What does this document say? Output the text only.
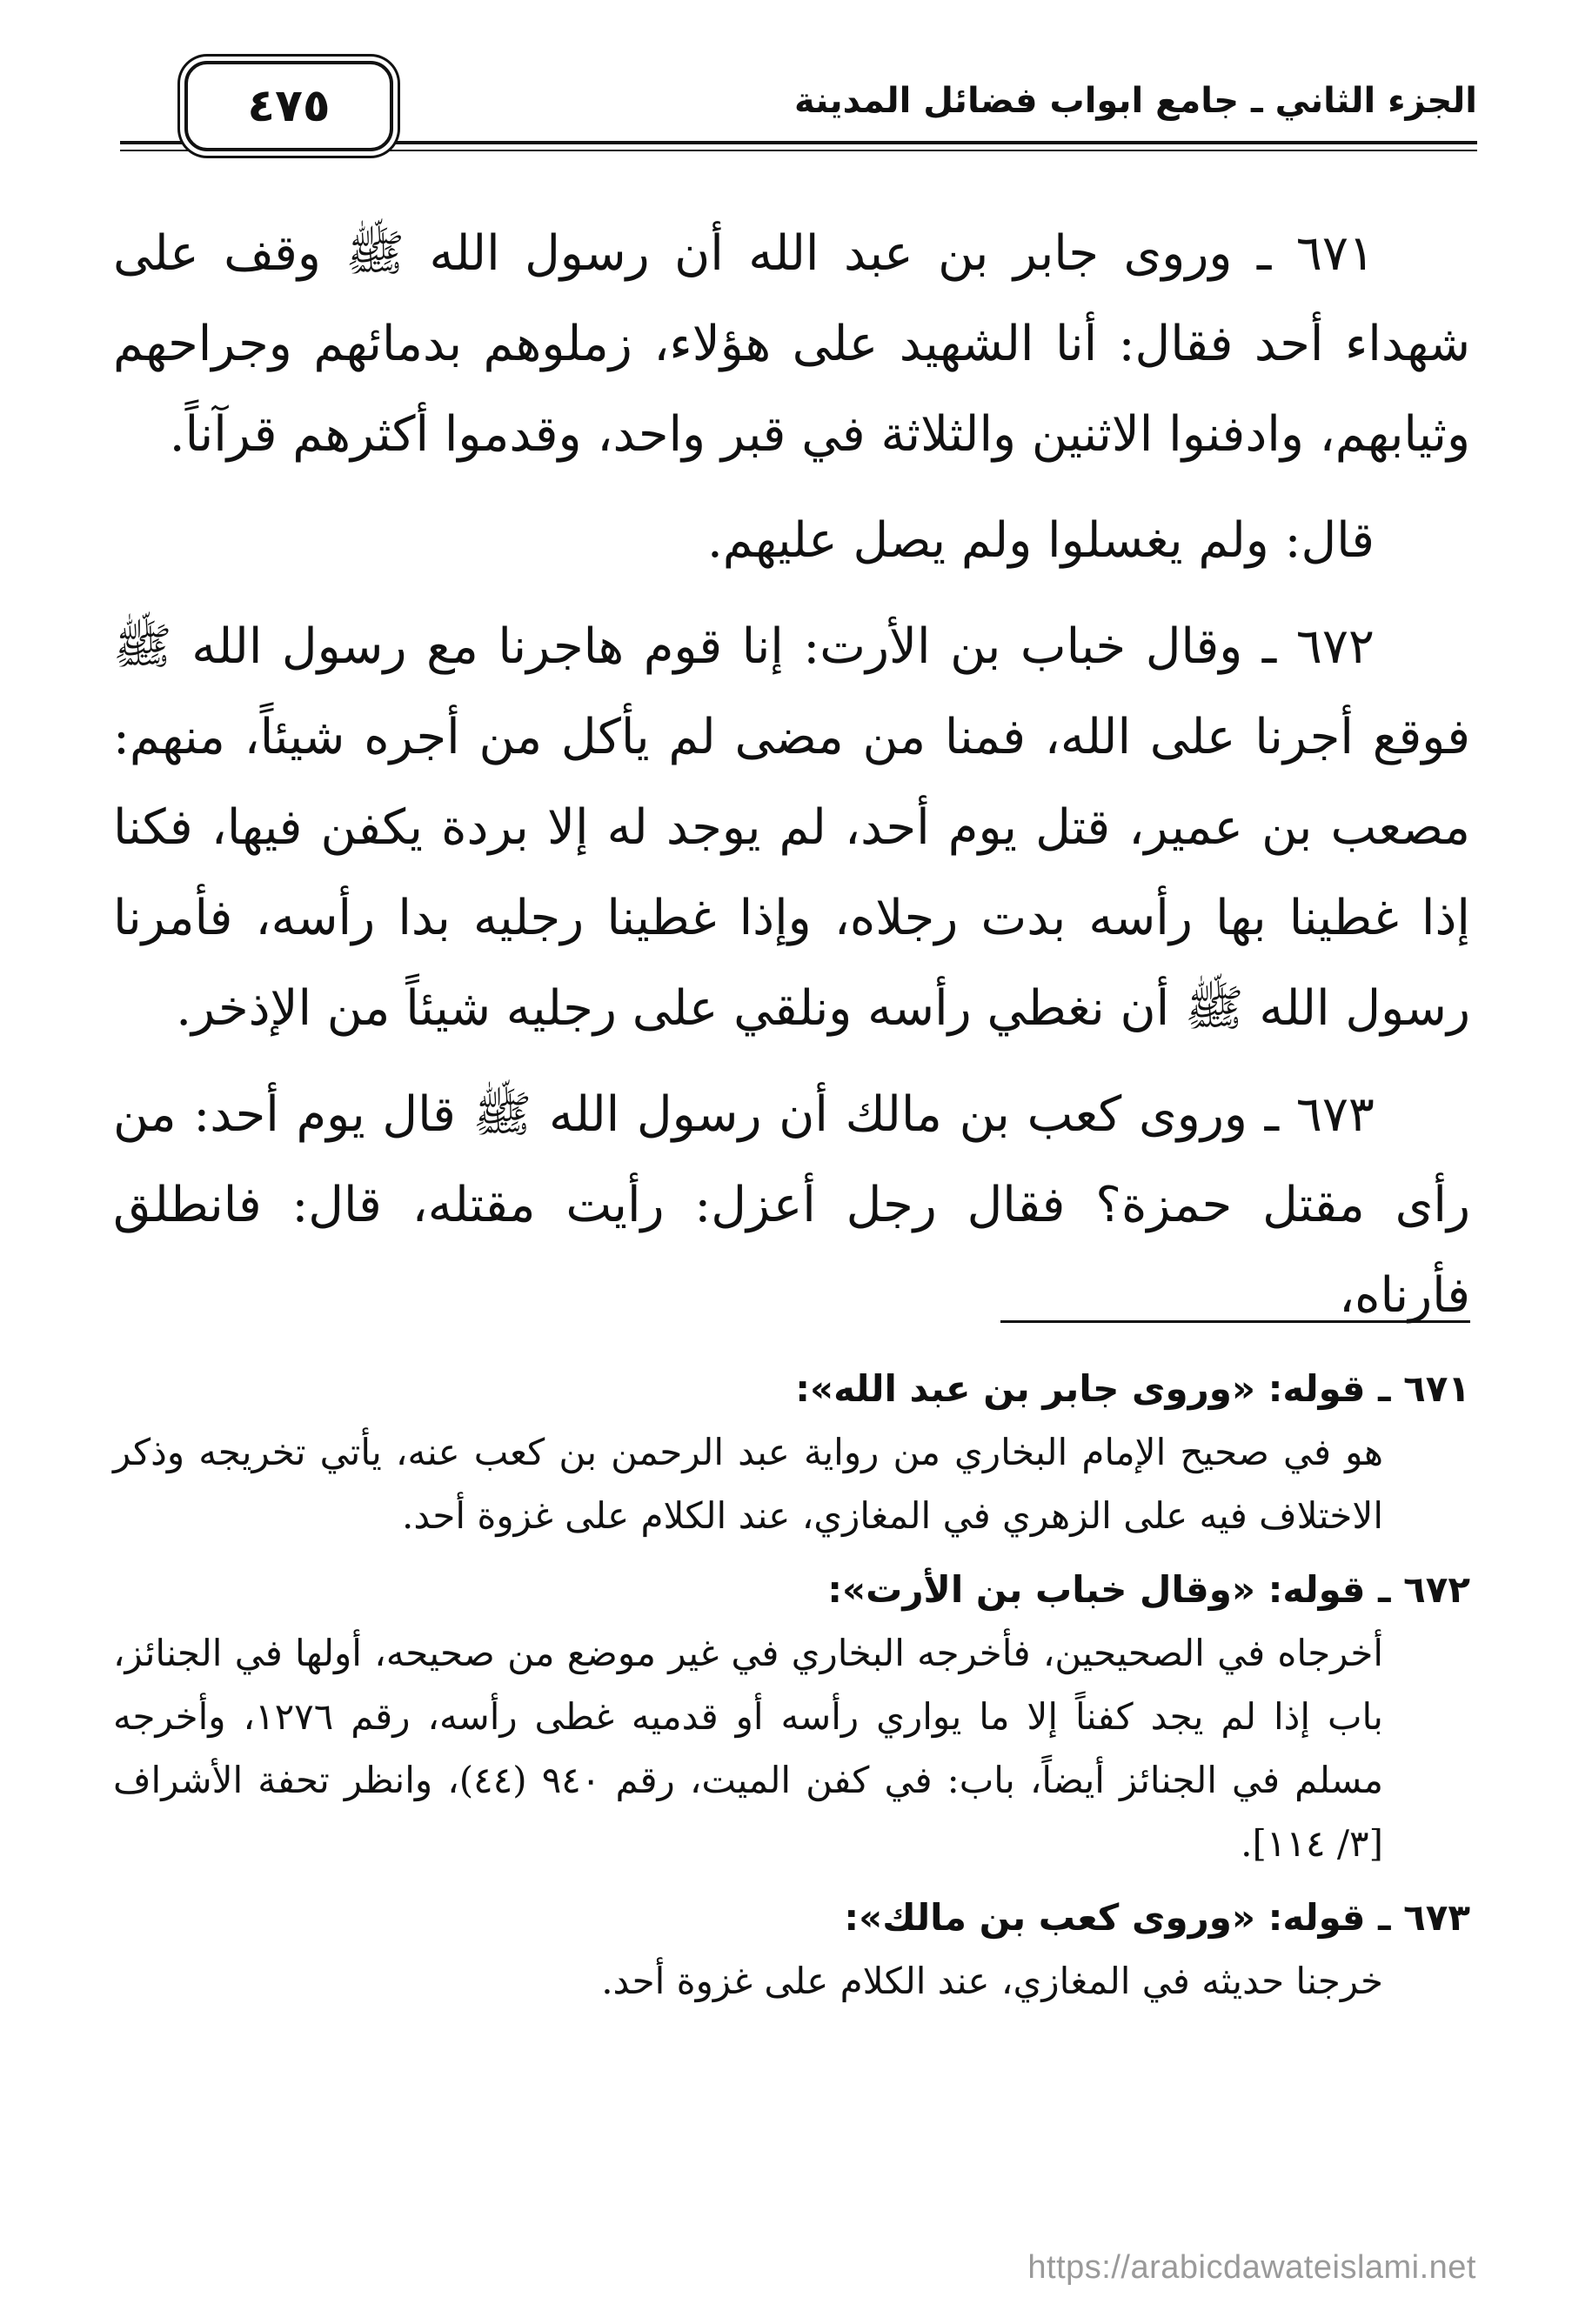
الجزء الثاني ـ جامع ابواب فضائل المدينة
٤٧٥

٦٧١ ـ وروى جابر بن عبد الله أن رسول الله ﷺ وقف على شهداء أحد فقال: أنا الشهيد على هؤلاء، زملوهم بدمائهم وجراحهم وثيابهم، وادفنوا الاثنين والثلاثة في قبر واحد، وقدموا أكثرهم قرآناً.

قال: ولم يغسلوا ولم يصل عليهم.

٦٧٢ ـ وقال خباب بن الأرت: إنا قوم هاجرنا مع رسول الله ﷺ فوقع أجرنا على الله، فمنا من مضى لم يأكل من أجره شيئاً، منهم: مصعب بن عمير، قتل يوم أحد، لم يوجد له إلا بردة يكفن فيها، فكنا إذا غطينا بها رأسه بدت رجلاه، وإذا غطينا رجليه بدا رأسه، فأمرنا رسول الله ﷺ أن نغطي رأسه ونلقي على رجليه شيئاً من الإذخر.

٦٧٣ ـ وروى كعب بن مالك أن رسول الله ﷺ قال يوم أحد: من رأى مقتل حمزة؟ فقال رجل أعزل: رأيت مقتله، قال: فانطلق فأرناه،

٦٧١ ـ قوله: «وروى جابر بن عبد الله»:
هو في صحيح الإمام البخاري من رواية عبد الرحمن بن كعب عنه، يأتي تخريجه وذكر الاختلاف فيه على الزهري في المغازي، عند الكلام على غزوة أحد.
٦٧٢ ـ قوله: «وقال خباب بن الأرت»:
أخرجاه في الصحيحين، فأخرجه البخاري في غير موضع من صحيحه، أولها في الجنائز، باب إذا لم يجد كفناً إلا ما يواري رأسه أو قدميه غطى رأسه، رقم ١٢٧٦، وأخرجه مسلم في الجنائز أيضاً، باب: في كفن الميت، رقم ٩٤٠ (٤٤)، وانظر تحفة الأشراف [٣/ ١١٤].
٦٧٣ ـ قوله: «وروى كعب بن مالك»:
خرجنا حديثه في المغازي، عند الكلام على غزوة أحد.
https://arabicdawateislami.net
